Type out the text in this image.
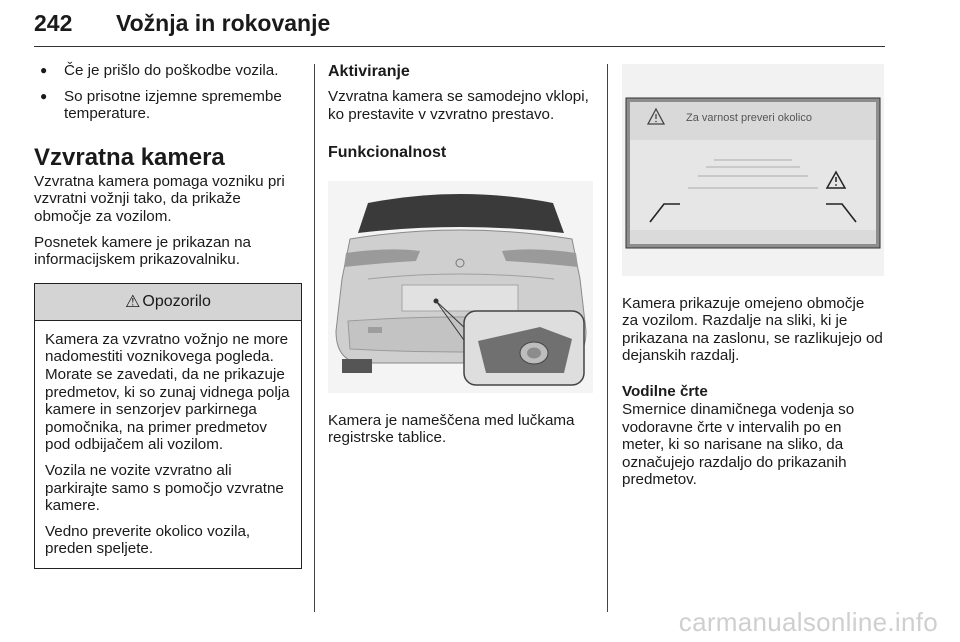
242 Vožnja in rokovanje
● Če je prišlo do poškodbe vozila.
● So prisotne izjemne spremembe temperature.
Vzvratna kamera

Vzvratna kamera pomaga vozniku pri vzvratni vožnji tako, da prikaže območje za vozilom.

Posnetek kamere je prikazan na informacijskem prikazovalniku.

⚠ Opozorilo

Kamera za vzvratno vožnjo ne more nadomestiti voznikovega pogleda. Morate se zavedati, da ne prikazuje predmetov, ki so zunaj vidnega polja kamere in senzorjev parkirnega pomočnika, na primer predmetov pod odbijačem ali vozilom.

Vozila ne vozite vzvratno ali parkirajte samo s pomočjo vzvratne kamere.

Vedno preverite okolico vozila, preden speljete.

Aktiviranje

Vzvratna kamera se samodejno vklopi, ko prestavite v vzvratno prestavo.

Funkcionalnost

Kamera je nameščena med lučkama registrske tablice.

Za varnost preveri okolico

Kamera prikazuje omejeno območje za vozilom. Razdalje na sliki, ki je prikazana na zaslonu, se razlikujejo od dejanskih razdalj.

Vodilne črte

Smernice dinamičnega vodenja so vodoravne črte v intervalih po en meter, ki so narisane na sliko, da označujejo razdaljo do prikazanih predmetov.

carmanualsonline.info
